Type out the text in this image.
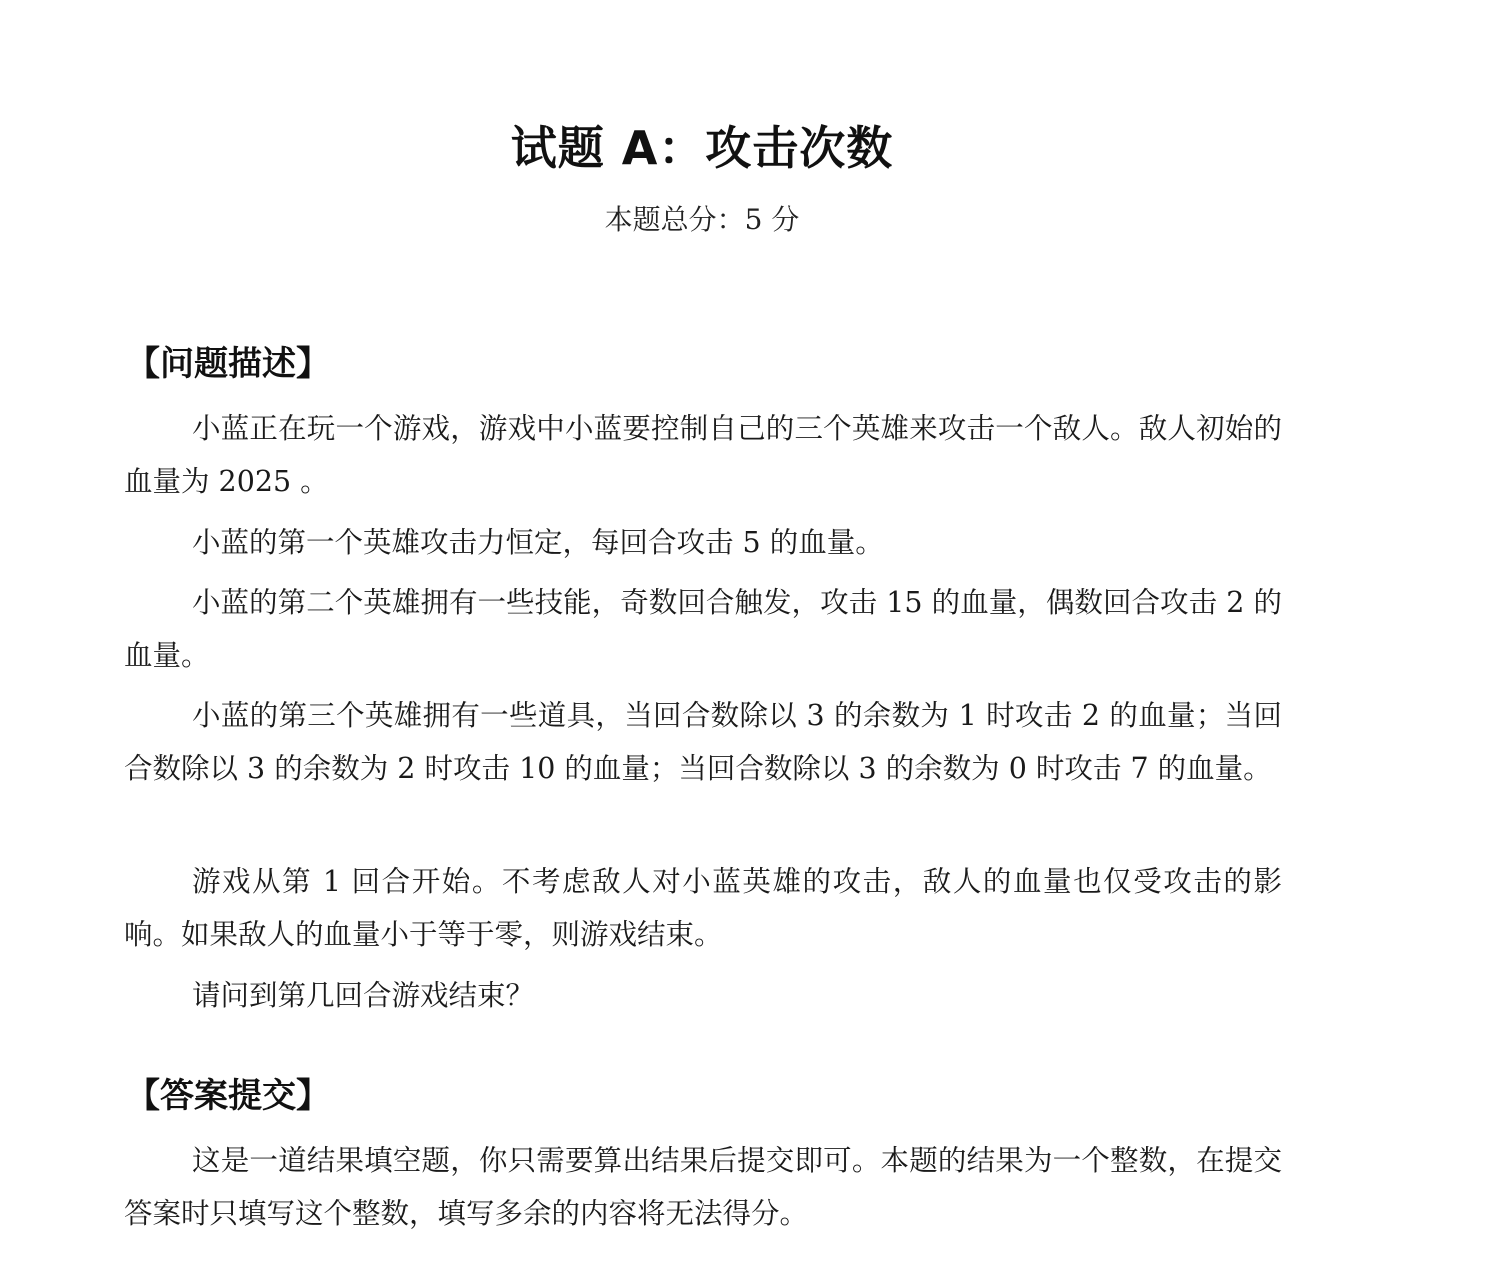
试题 A：攻击次数

本题总分：5 分

【问题描述】

小蓝正在玩一个游戏，游戏中小蓝要控制自己的三个英雄来攻击一个敌人。敌人初始的血量为 2025 。

小蓝的第一个英雄攻击力恒定，每回合攻击 5 的血量。

小蓝的第二个英雄拥有一些技能，奇数回合触发，攻击 15 的血量，偶数回合攻击 2 的血量。

小蓝的第三个英雄拥有一些道具，当回合数除以 3 的余数为 1 时攻击 2 的血量；当回合数除以 3 的余数为 2 时攻击 10 的血量；当回合数除以 3 的余数为 0 时攻击 7 的血量。

游戏从第 1 回合开始。不考虑敌人对小蓝英雄的攻击，敌人的血量也仅受攻击的影响。如果敌人的血量小于等于零，则游戏结束。

请问到第几回合游戏结束？

【答案提交】

这是一道结果填空题，你只需要算出结果后提交即可。本题的结果为一个整数，在提交答案时只填写这个整数，填写多余的内容将无法得分。
